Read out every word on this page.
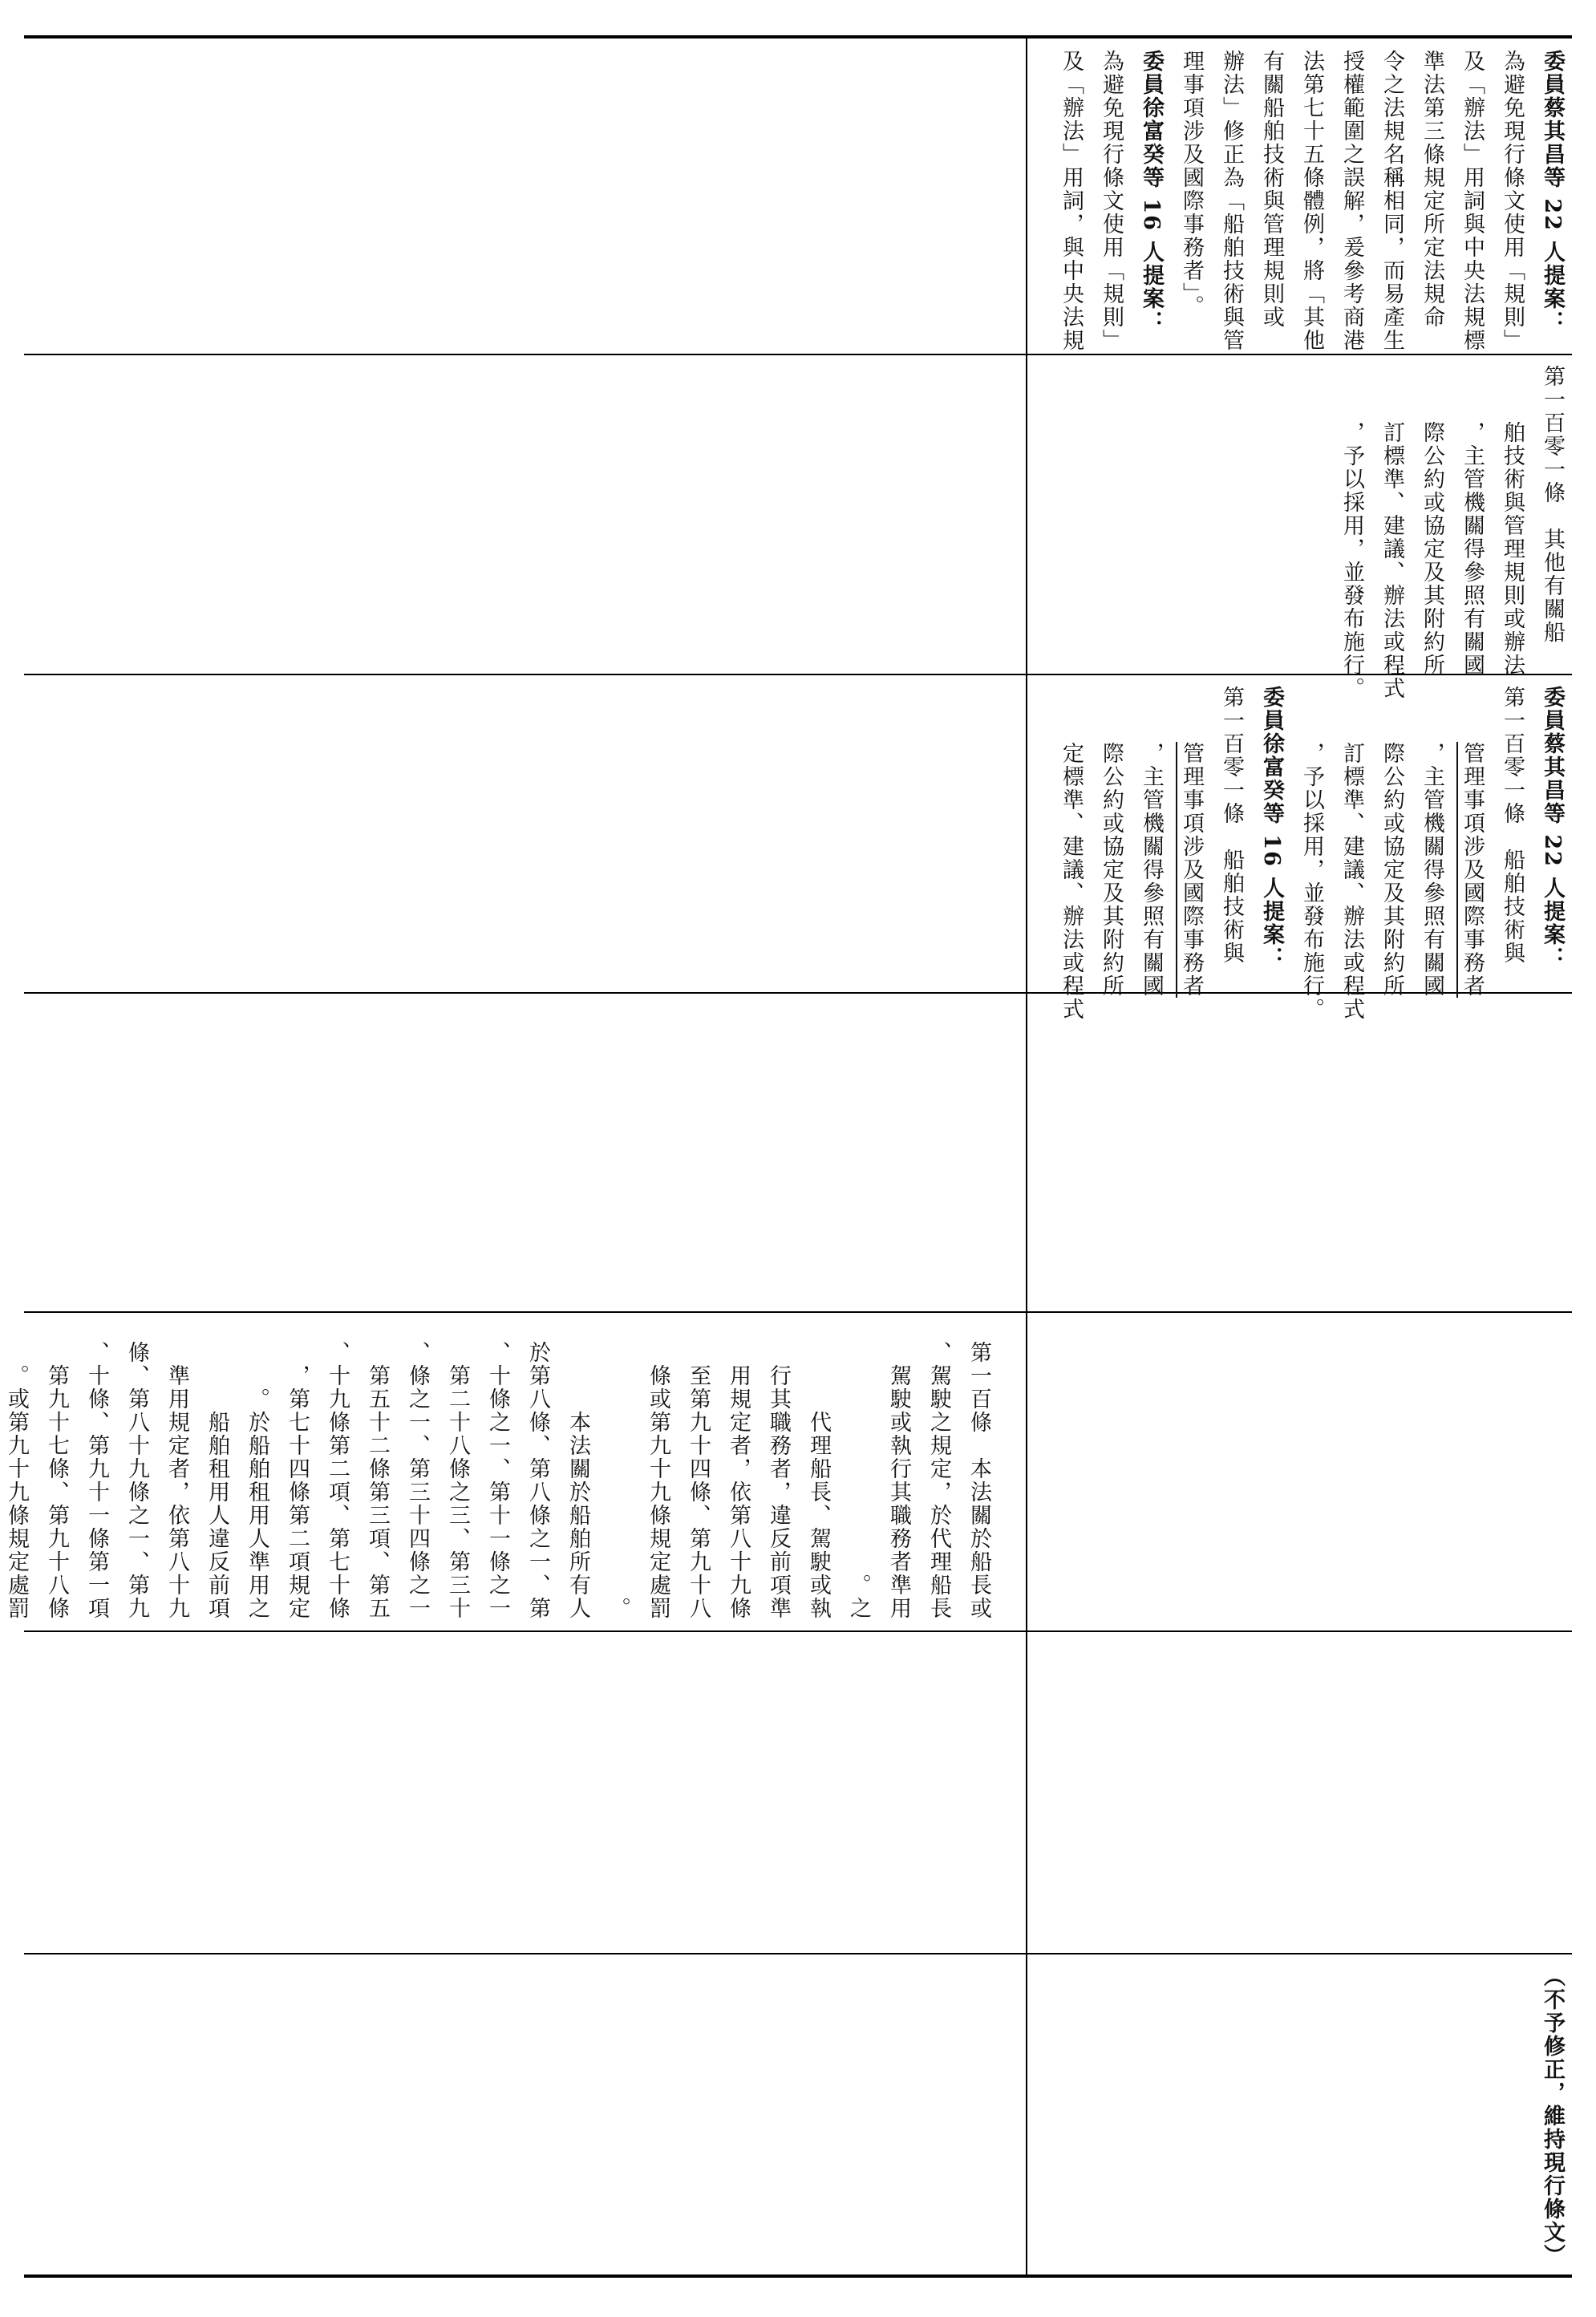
委員蔡其昌等 22 人提案：

為避免現行條文使用「規則」

及「辦法」用詞與中央法規標

準法第三條規定所定法規命

令之法規名稱相同，而易產生

授權範圍之誤解，爰參考商港

法第七十五條體例，將「其他

有關船舶技術與管理規則或

辦法」修正為「船舶技術與管

理事項涉及國際事務者」。

委員徐富癸等 16 人提案：

為避免現行條文使用「規則」

及「辦法」用詞，與中央法規

第一百零一條　其他有關船

舶技術與管理規則或辦法

，主管機關得參照有關國

際公約或協定及其附約所

訂標準、建議、辦法或程式

，予以採用，並發布施行。

委員蔡其昌等 22 人提案：

第一百零一條　船舶技術與

管理事項涉及國際事務者

，主管機關得參照有關國

際公約或協定及其附約所

訂標準、建議、辦法或程式

，予以採用，並發布施行。

委員徐富癸等 16 人提案：

第一百零一條　船舶技術與

管理事項涉及國際事務者

，主管機關得參照有關國

際公約或協定及其附約所

定標準、建議、辦法或程式

第一百條　本法關於船長或

駕駛之規定，於代理船長、

駕駛或執行其職務者準用

之。

代理船長、駕駛或執

行其職務者，違反前項準

用規定者，依第八十九條

至第九十四條、第九十八

條或第九十九條規定處罰

。

本法關於船舶所有人

於第八條、第八條之一、第

十條之一、第十一條之一、

第二十八條之三、第三十

條之一、第三十四條之一、

第五十二條第三項、第五

十九條第二項、第七十條、

第七十四條第二項規定，

於船舶租用人準用之。

船舶租用人違反前項

準用規定者，依第八十九

條、第八十九條之一、第九

十條、第九十一條第一項、

第九十七條、第九十八條

或第九十九條規定處罰。

（不予修正，維持現行條文）
